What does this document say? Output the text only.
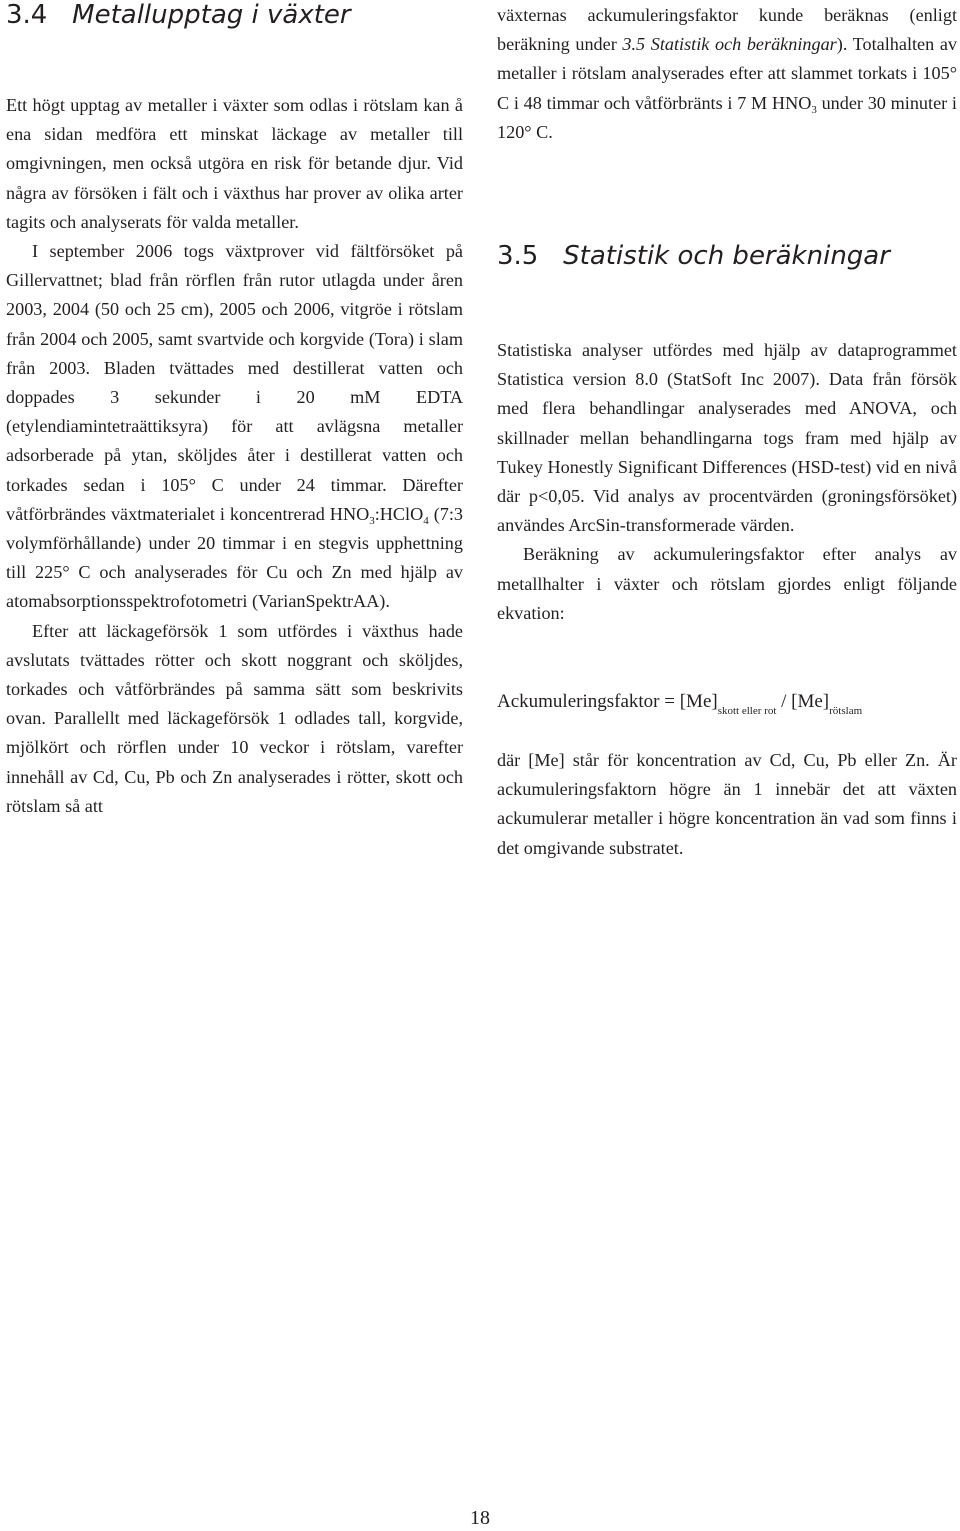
3.4 Metallupptag i växter

Ett högt upptag av metaller i växter som odlas i rötslam kan å ena sidan medföra ett minskat läckage av metaller till omgivningen, men också utgöra en risk för betande djur. Vid några av försöken i fält och i växthus har prover av olika arter tagits och analyserats för valda metaller.

I september 2006 togs växtprover vid fältförsöket på Gillervattnet; blad från rörflen från rutor utlagda under åren 2003, 2004 (50 och 25 cm), 2005 och 2006, vitgröe i rötslam från 2004 och 2005, samt svartvide och korgvide (Tora) i slam från 2003. Bladen tvättades med destillerat vatten och doppades 3 sekunder i 20 mM EDTA (etylendiamintetraättiksyra) för att avlägsna metaller adsorberade på ytan, sköljdes åter i destillerat vatten och torkades sedan i 105° C under 24 timmar. Därefter våtförbrändes växtmaterialet i koncentrerad $HNO_3:HClO_4$ (7:3 volymförhållande) under 20 timmar i en stegvis upphettning till 225° C och analyserades för Cu och Zn med hjälp av atomabsorptionsspektrofotometri (VarianSpektrAA).

Efter att läckageförsök 1 som utfördes i växthus hade avslutats tvättades rötter och skott noggrant och sköljdes, torkades och våtförbrändes på samma sätt som beskrivits ovan. Parallellt med läckageförsök 1 odlades tall, korgvide, mjölkört och rörflen under 10 veckor i rötslam, varefter innehåll av Cd, Cu, Pb och Zn analyserades i rötter, skott och rötslam så att

växternas ackumuleringsfaktor kunde beräknas (enligt beräkning under 3.5 Statistik och beräkningar). Totalhalten av metaller i rötslam analyserades efter att slammet torkats i 105° C i 48 timmar och våtförbränts i 7 M $HNO_3$ under 30 minuter i 120° C.

3.5 Statistik och beräkningar

Statistiska analyser utfördes med hjälp av dataprogrammet Statistica version 8.0 (StatSoft Inc 2007). Data från försök med flera behandlingar analyserades med ANOVA, och skillnader mellan behandlingarna togs fram med hjälp av Tukey Honestly Significant Differences (HSD-test) vid en nivå där p<0,05. Vid analys av procentvärden (groningsförsöket) användes ArcSin-transformerade värden.

Beräkning av ackumuleringsfaktor efter analys av metallhalter i växter och rötslam gjordes enligt följande ekvation:

Ackumuleringsfaktor = $[Me]_{skott eller rot} / [Me]_{rötslam}$

där [Me] står för koncentration av Cd, Cu, Pb eller Zn. Är ackumuleringsfaktorn högre än 1 innebär det att växten ackumulerar metaller i högre koncentration än vad som finns i det omgivande substratet.

18
